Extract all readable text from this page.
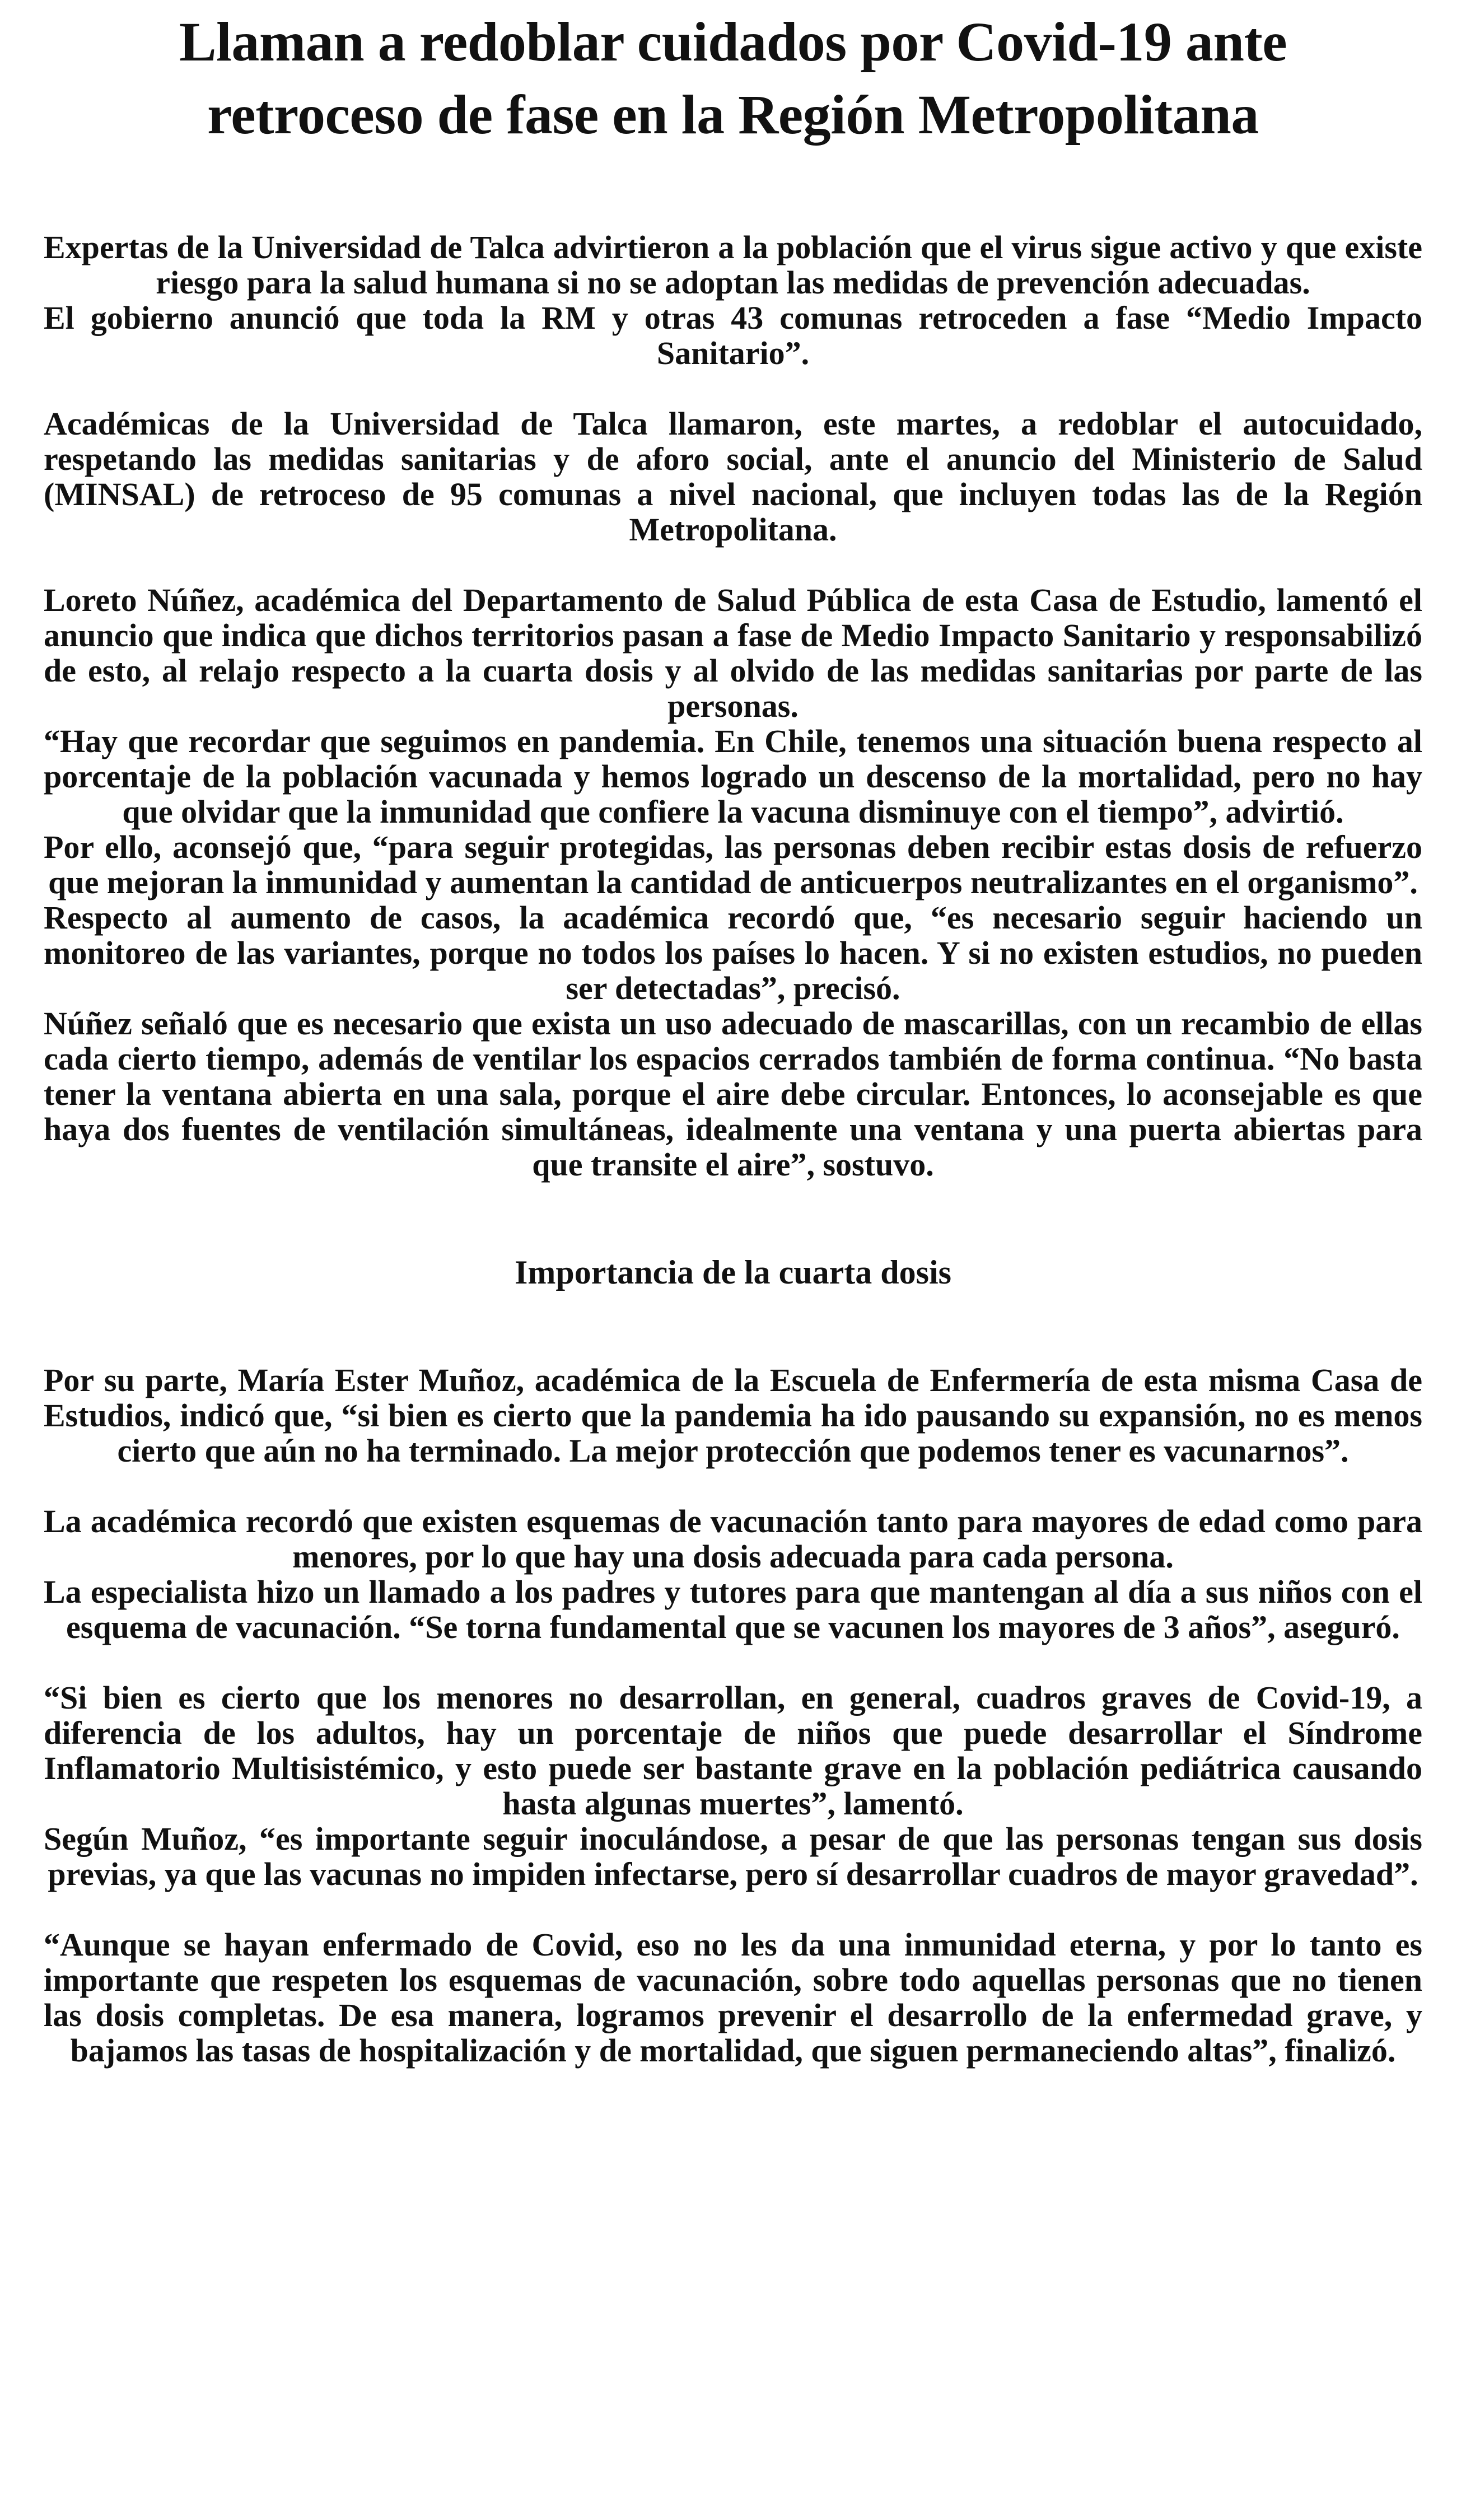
Llaman a redoblar cuidados por Covid-19 ante retroceso de fase en la Región Metropolitana

Expertas de la Universidad de Talca advirtieron a la población que el virus sigue activo y que existe riesgo para la salud humana si no se adoptan las medidas de prevención adecuadas.

El gobierno anunció que toda la RM y otras 43 comunas retroceden a fase “Medio Impacto Sanitario”.

Académicas de la Universidad de Talca llamaron, este martes, a redoblar el autocuidado, respetando las medidas sanitarias y de aforo social, ante el anuncio del Ministerio de Salud (MINSAL) de retroceso de 95 comunas a nivel nacional, que incluyen todas las de la Región Metropolitana.

Loreto Núñez, académica del Departamento de Salud Pública de esta Casa de Estudio, lamentó el anuncio que indica que dichos territorios pasan a fase de Medio Impacto Sanitario y responsabilizó de esto, al relajo respecto a la cuarta dosis y al olvido de las medidas sanitarias por parte de las personas.

“Hay que recordar que seguimos en pandemia. En Chile, tenemos una situación buena respecto al porcentaje de la población vacunada y hemos logrado un descenso de la mortalidad, pero no hay que olvidar que la inmunidad que confiere la vacuna disminuye con el tiempo”, advirtió.

Por ello, aconsejó que, “para seguir protegidas, las personas deben recibir estas dosis de refuerzo que mejoran la inmunidad y aumentan la cantidad de anticuerpos neutralizantes en el organismo”.

Respecto al aumento de casos, la académica recordó que, “es necesario seguir haciendo un monitoreo de las variantes, porque no todos los países lo hacen. Y si no existen estudios, no pueden ser detectadas”, precisó.

Núñez señaló que es necesario que exista un uso adecuado de mascarillas, con un recambio de ellas cada cierto tiempo, además de ventilar los espacios cerrados también de forma continua. “No basta tener la ventana abierta en una sala, porque el aire debe circular. Entonces, lo aconsejable es que haya dos fuentes de ventilación simultáneas, idealmente una ventana y una puerta abiertas para que transite el aire”, sostuvo.

Importancia de la cuarta dosis

Por su parte, María Ester Muñoz, académica de la Escuela de Enfermería de esta misma Casa de Estudios, indicó que, “si bien es cierto que la pandemia ha ido pausando su expansión, no es menos cierto que aún no ha terminado. La mejor protección que podemos tener es vacunarnos”.

La académica recordó que existen esquemas de vacunación tanto para mayores de edad como para menores, por lo que hay una dosis adecuada para cada persona.

La especialista hizo un llamado a los padres y tutores para que mantengan al día a sus niños con el esquema de vacunación. “Se torna fundamental que se vacunen los mayores de 3 años”, aseguró.

“Si bien es cierto que los menores no desarrollan, en general, cuadros graves de Covid-19, a diferencia de los adultos, hay un porcentaje de niños que puede desarrollar el Síndrome Inflamatorio Multisistémico, y esto puede ser bastante grave en la población pediátrica causando hasta algunas muertes”, lamentó.

Según Muñoz, “es importante seguir inoculándose, a pesar de que las personas tengan sus dosis previas, ya que las vacunas no impiden infectarse, pero sí desarrollar cuadros de mayor gravedad”.

“Aunque se hayan enfermado de Covid, eso no les da una inmunidad eterna, y por lo tanto es importante que respeten los esquemas de vacunación, sobre todo aquellas personas que no tienen las dosis completas. De esa manera, logramos prevenir el desarrollo de la enfermedad grave, y bajamos las tasas de hospitalización y de mortalidad, que siguen permaneciendo altas”, finalizó.
